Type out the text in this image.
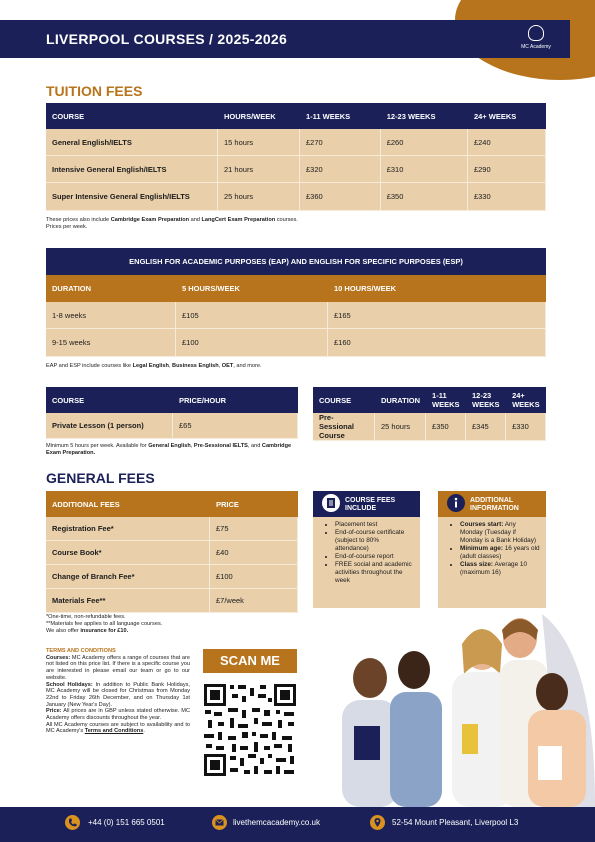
LIVERPOOL COURSES / 2025-2026	MC Academy
TUITION FEES
COURSE	HOURS/WEEK	1-11 WEEKS	12-23 WEEKS	24+ WEEKS
General English/IELTS	15 hours	£270	£260	£240
Intensive General English/IELTS	21 hours	£320	£310	£290
Super Intensive General English/IELTS	25 hours	£360	£350	£330
These prices also include Cambridge Exam Preparation and LangCert Exam Preparation courses.
Prices per week.
ENGLISH FOR ACADEMIC PURPOSES (EAP) AND ENGLISH FOR SPECIFIC PURPOSES (ESP)		
DURATION	5 HOURS/WEEK	10 HOURS/WEEK
1-8 weeks	£105	£165
9-15 weeks	£100	£160
EAP and ESP include courses like Legal English, Business English, OET, and more.
COURSE	PRICE/HOUR
Private Lesson (1 person)	£65
Minimum 5 hours per week. Available for General English, Pre-Sessional IELTS, and Cambridge Exam Preparation.
COURSE	DURATION	1-11 WEEKS	12-23 WEEKS	24+ WEEKS
Pre-Sessional Course	25 hours	£350	£345	£330
GENERAL FEES
ADDITIONAL FEES	PRICE
Registration Fee*	£75
Course Book*	£40
Change of Branch Fee*	£100
Materials Fee**	£7/week
*One-time, non-refundable fees.
**Materials fee applies to all language courses.
We also offer insurance for £10.
COURSE FEES INCLUDE
• Placement test
• End-of-course certificate (subject to 80% attendance)
• End-of-course report
• FREE social and academic activities throughout the week
ADDITIONAL INFORMATION
• Courses start: Any Monday (Tuesday if Monday is a Bank Holiday)
• Minimum age: 16 years old (adult classes)
• Class size: Average 10 (maximum 16)
TERMS AND CONDITIONS
Courses: MC Academy offers a range of courses that are not listed on this price list. If there is a specific course you are interested in please email our team or go to our website.
School Holidays: In addition to Public Bank Holidays, MC Academy will be closed for Christmas from Monday 22nd to Friday 26th December, and on Thursday 1st January (New Year's Day).
Price: All prices are in GBP unless stated otherwise. MC Academy offers discounts throughout the year.
All MC Academy courses are subject to availability and to MC Academy's Terms and Conditions.
SCAN ME
+44 (0) 151 665 0501	livethemcacademy.co.uk	52-54 Mount Pleasant, Liverpool L3
